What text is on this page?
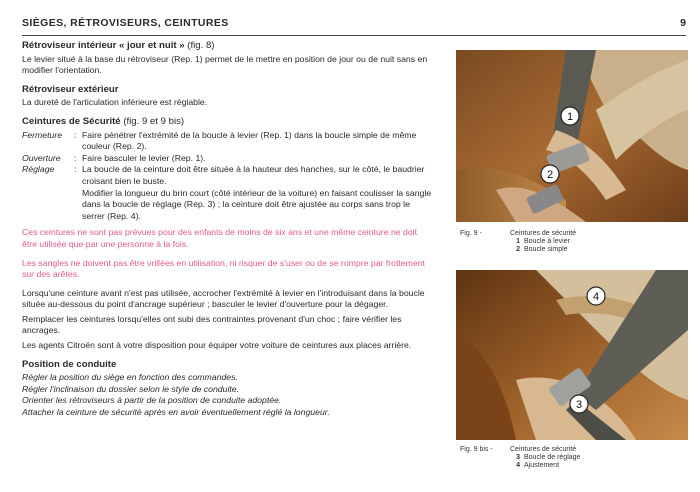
SIÈGES, RÉTROVISEURS, CEINTURES	9
Rétroviseur intérieur « jour et nuit » (fig. 8)

Le levier situé à la base du rétroviseur (Rep. 1) permet de le mettre en position de jour ou de nuit sans en modifier l'orientation.

Rétroviseur extérieur

La dureté de l'articulation inférieure est réglable.

Ceintures de Sécurité (fig. 9 et 9 bis)
Fermeture	: Faire pénétrer l'extrémité de la boucle à levier (Rep. 1) dans la boucle simple de même couleur (Rep. 2).
Ouverture	: Faire basculer le levier (Rep. 1).
Réglage	: La boucle de la ceinture doit être située à la hauteur des hanches, sur le côté, le baudrier croisant bien le buste.
Modifier la longueur du brin court (côté intérieur de la voiture) en faisant coulisser la sangle dans la boucle de réglage (Rep. 3) ; la ceinture doit être ajustée au corps sans trop le serrer (Rep. 4).

Ces ceintures ne sont pas prévues pour des enfants de moins de six ans et une même ceinture ne doit être utilisée que par une personne à la fois.

Les sangles ne doivent pas être vrillées en utilisation, ni risquer de s'user ou de se rompre par frottement sur des arêtes.

Lorsqu'une ceinture avant n'est pas utilisée, accrocher l'extrémité à levier en l'introduisant dans la boucle située au-dessous du point d'ancrage supérieur ; basculer le levier d'ouverture pour la dégager.

Remplacer les ceintures lorsqu'elles ont subi des contraintes provenant d'un choc ; faire vérifier les ancrages.

Les agents Citroën sont à votre disposition pour équiper votre voiture de ceintures aux places arrière.

Position de conduite

Régler la position du siège en fonction des commandes.

Régler l'inclinaison du dossier selon le style de conduite.

Orienter les rétroviseurs à partir de la position de conduite adoptée.

Attacher la ceinture de sécurité après en avoir éventuellement réglé la longueur.

1
2
Fig. 9 -	Ceintures de sécurité
1 Boucle à levier
2 Boucle simple
4
3
Fig. 9 bis -	Ceintures de sécurité
3 Boucle de réglage
4 Ajustement
